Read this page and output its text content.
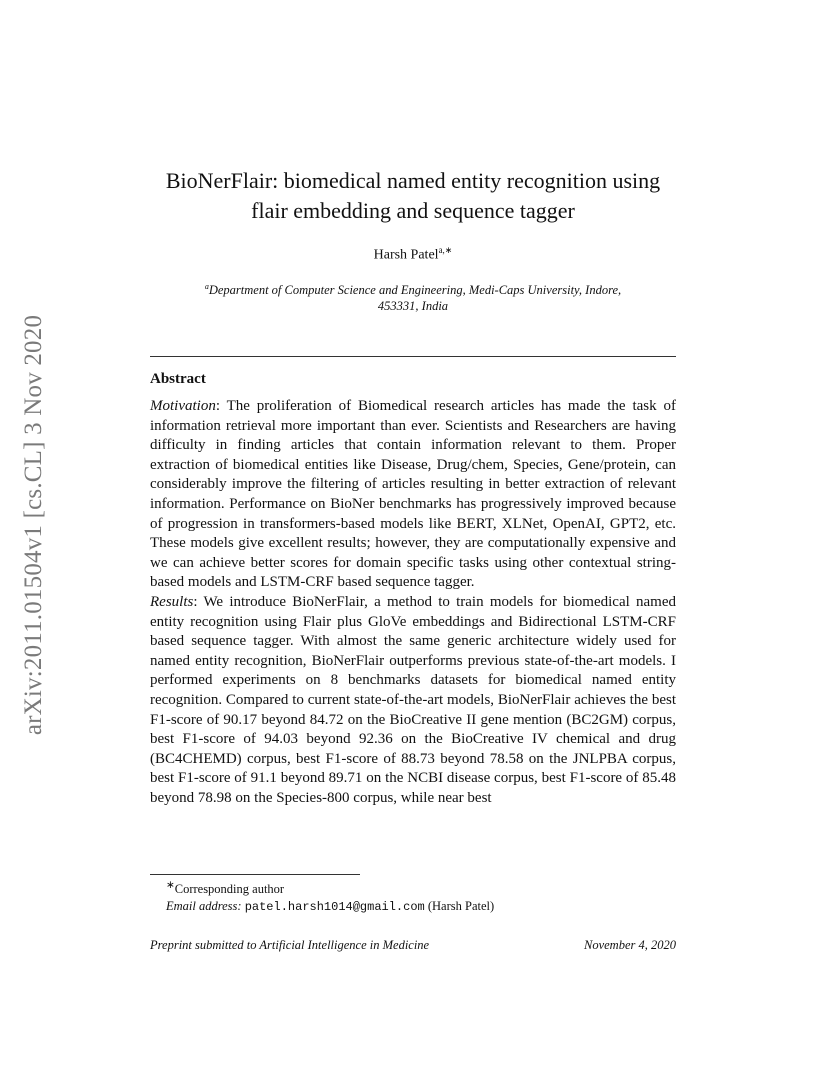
arXiv:2011.01504v1 [cs.CL] 3 Nov 2020
BioNerFlair: biomedical named entity recognition using
flair embedding and sequence tagger
Harsh Patel$^{a,∗}$
$^a$Department of Computer Science and Engineering, Medi-Caps University, Indore,
453331, India
Abstract

Motivation: The proliferation of Biomedical research articles has made the task of information retrieval more important than ever. Scientists and Researchers are having difficulty in finding articles that contain information relevant to them. Proper extraction of biomedical entities like Disease, Drug/chem, Species, Gene/protein, can considerably improve the filtering of articles resulting in better extraction of relevant information. Performance on BioNer benchmarks has progressively improved because of progression in transformers-based models like BERT, XLNet, OpenAI, GPT2, etc. These models give excellent results; however, they are computationally expensive and we can achieve better scores for domain specific tasks using other contextual string-based models and LSTM-CRF based sequence tagger.

Results: We introduce BioNerFlair, a method to train models for biomedical named entity recognition using Flair plus GloVe embeddings and Bidirectional LSTM-CRF based sequence tagger. With almost the same generic architecture widely used for named entity recognition, BioNerFlair outperforms previous state-of-the-art models. I performed experiments on 8 benchmarks datasets for biomedical named entity recognition. Compared to current state-of-the-art models, BioNerFlair achieves the best F1-score of 90.17 beyond 84.72 on the BioCreative II gene mention (BC2GM) corpus, best F1-score of 94.03 beyond 92.36 on the BioCreative IV chemical and drug (BC4CHEMD) corpus, best F1-score of 88.73 beyond 78.58 on the JNLPBA corpus, best F1-score of 91.1 beyond 89.71 on the NCBI disease corpus, best F1-score of 85.48 beyond 78.98 on the Species-800 corpus, while near best

∗Corresponding author
Email address: patel.harsh1014@gmail.com (Harsh Patel)
Preprint submitted to Artificial Intelligence in Medicine	November 4, 2020
